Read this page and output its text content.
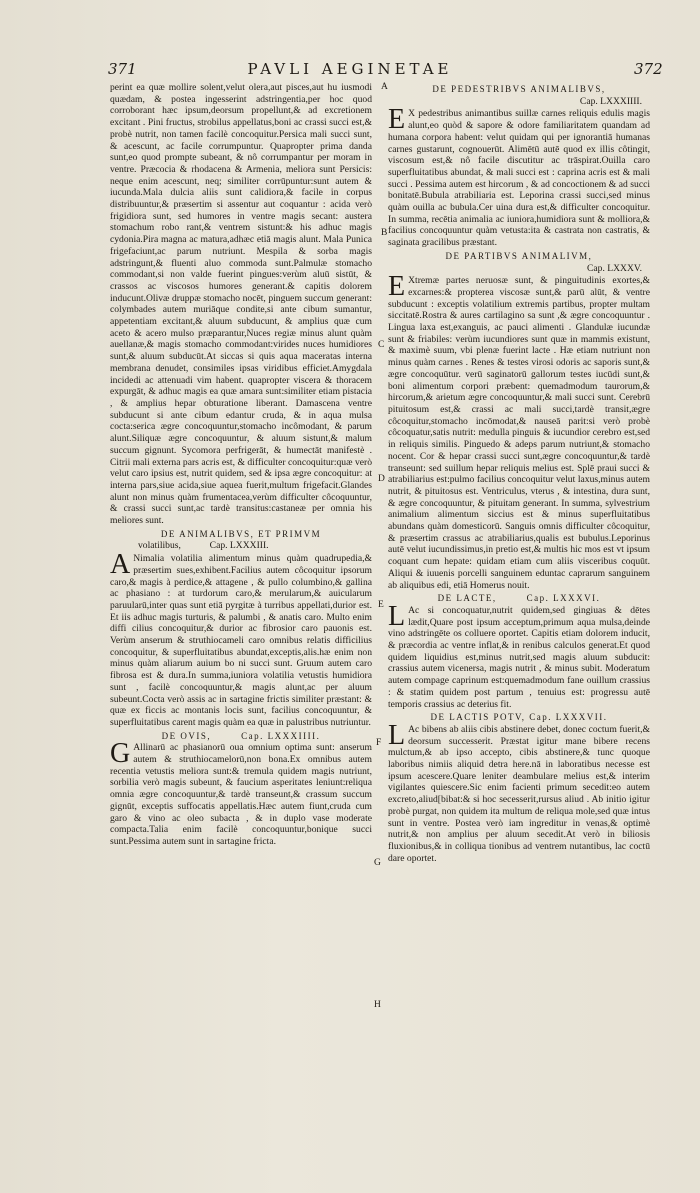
371	PAVLI AEGINETAE	372

perint ea quæ mollire solent,velut olera,aut pisces,aut hu iusmodi quædam, & postea ingesserint adstringentia,per hoc quod corroborant hæc ipsum,deorsum propellunt,& ad excretionem excitant . Pini fructus, strobilus appellatus,boni ac crassi succi est,& probè nutrit, non tamen facilè concoquitur.Persica mali succi sunt, & acescunt, ac facile corrumpuntur. Quapropter prima danda sunt,eo quod prompte subeant, & nô corrumpantur per moram in ventre. Præcocia & rhodacena & Armenia, meliora sunt Persicis: neque enim acescunt, neq; similiter corrūpuntur:sunt autem & iucunda.Mala dulcia aliis sunt calidiora,& facile in corpus distribuuntur,& præsertim si assentur aut coquantur : acida verò frigidiora sunt, sed humores in ventre magis secant: austera stomachum robo rant,& ventrem sistunt:& his adhuc magis cydonia.Pira magna ac matura,adhæc etiā magis alunt. Mala Punica frigefaciunt,ac parum nutriunt. Mespila & sorba magis adstringunt,& fluenti aluo commoda sunt.Palmulæ stomacho commodant,si non valde fuerint pingues:verùm aluū sistūt, & crassos ac viscosos humores generant.& capitis dolorem inducunt.Olivæ druppæ stomacho nocēt, pinguem succum generant: colymbades autem muriāque condite,si ante cibum sumantur, appetentiam excitant,& aluum subducunt, & amplius quæ cum aceto & acero mulso præparantur,Nuces regiæ minus alunt quàm auellanæ,& magis stomacho commodant:virides nuces humidiores sunt,& aluum subducūt.At siccas si quis aqua maceratas interna membrana denudet, consimiles ipsas viridibus efficiet.Amygdala incidedi ac attenuadi vim habent. quapropter viscera & thoracem expurgāt, & adhuc magis ea quæ amara sunt:similiter etiam pistacia , & amplius hepar obturatione liberant. Damascena ventre subducunt si ante cibum edantur cruda, & in aqua mulsa cocta:serica ægre concoquuntur,stomacho incômodant, & parum alunt.Siliquæ ægre concoquuntur, & aluum sistunt,& malum succum gignunt. Sycomora perfrigerāt, & humectāt manifestè . Citrii mali externa pars acris est, & difficulter concoquitur:quæ verò velut caro ipsius est, nutrit quidem, sed & ipsa ægre concoquitur: at interna pars,siue acida,siue aquea fuerit,multum frigefacit.Glandes alunt non minus quàm frumentacea,verùm difficulter côcoquuntur, & crassi succi sunt,ac tardè transitus:castaneæ per omnia his meliores sunt.

DE ANIMALIBVS, ET PRIMVM
volatilibus,            Cap. LXXXIII.

A Nimalia volatilia alimentum minus quàm quadrupedia,& præsertim sues,exhibent.Facilius autem côcoquitur ipsorum caro,& magis à perdice,& attagene , & pullo columbino,& gallina ac phasiano : at turdorum caro,& merularum,& auicularum paruularū,inter quas sunt etiā pyrgitæ à turribus appellati,durior est. Et iis adhuc magis turturis, & palumbi , & anatis caro. Multo enim diffi cilius concoquitur,& durior ac fibrosior caro pauonis est. Verùm anserum & struthiocameli caro omnibus relatis difficilius concoquitur, & superfluitatibus abundat,exceptis,alis.hæ enim non minus quàm aliarum auium bo ni succi sunt. Gruum autem caro fibrosa est & dura.In summa,iuniora volatilia vetustis humidiora sunt , facilè concoquuntur,& magis alunt,ac per aluum subeunt.Cocta verò assis ac in sartagine frictis similiter præstant: & quæ ex ficcis ac montanis locis sunt, facilius concoquuntur, & superfluitatibus carent magis quàm ea quæ in palustribus nutriuntur.

DE OVIS,	Cap. LXXXIIII.

G Allinarū ac phasianorū oua omnium optima sunt: anserum autem & struthiocamelorū,non bona.Ex omnibus autem recentia vetustis meliora sunt:& tremula quidem magis nutriunt, sorbilia verò magis subeunt, & faucium asperitates leniunt:reliqua omnia ægre concoquuntur,& tardè transeunt,& crassum succum gignūt, exceptis suffocatis appellatis.Hæc autem fiunt,cruda cum garo & vino ac oleo subacta , & in duplo vase moderate compacta.Talia enim facilè concoquuntur,bonique succi sunt.Pessima autem sunt in sartagine fricta.

DE PEDESTRIBVS ANIMALIBVS,
Cap. LXXXIIII.

E X pedestribus animantibus suillæ carnes reliquis edulis magis alunt,eo quòd & sapore & odore familiaritatem quandam ad humana corpora habent: velut quidam qui per ignorantiā humanas carnes gustarunt, cognouerūt. Alimētū autē quod ex illis côtingit, viscosum est,& nô facile discutitur ac trāspirat.Ouilla caro superfluitatibus abundat, & mali succi est : caprina acris est & mali succi . Pessima autem est hircorum , & ad concoctionem & ad succi bonitatē.Bubula atrabiliaria est. Leporina crassi succi,sed minus quàm ouilla ac bubula.Cer uina dura est,& difficulter concoquitur. In summa, recētia animalia ac iuniora,humidiora sunt & molliora,& facilius concoquuntur quàm vetusta:ita & castrata non castratis, & saginata gracilibus præstant.

DE PARTIBVS ANIMALIVM,
Cap. LXXXV.

E Xtremæ partes neruosæ sunt, & pinguitudinis exortes,& excarnes:& propterea viscosæ sunt,& parū alūt, & ventre subducunt : exceptis volatilium extremis partibus, propter multam siccitatē.Rostra & aures cartilagino sa sunt ,& ægre concoquuntur . Lingua laxa est,exanguis, ac pauci alimenti . Glandulæ iucundæ sunt & friabiles: verùm iucundiores sunt quæ in mammis existunt, & maximè suum, vbi plenæ fuerint lacte . Hæ etiam nutriunt non minus quàm carnes . Renes & testes virosi odoris ac saporis sunt,& ægre concoquūtur. verū saginatorū gallorum testes iucūdi sunt,& boni alimentum corpori præbent: quemadmodum taurorum,& hircorum,& arietum ægre concoquuntur,& mali succi sunt. Cerebrū pituitosum est,& crassi ac mali succi,tardè transit,ægre côcoquitur,stomacho incōmodat,& nauseā parit:si verò probè côcoquatur,satis nutrit: medulla pinguis & iucundior cerebro est,sed in reliquis similis. Pinguedo & adeps parum nutriunt,& stomacho nocent. Cor & hepar crassi succi sunt,ægre concoquuntur,& tardè transeunt: sed suillum hepar reliquis melius est. Splē praui succi & atrabiliarius est:pulmo facilius concoquitur velut laxus,minus autem nutrit, & pituitosus est. Ventriculus, vterus , & intestina, dura sunt, & ægre concoquuntur, & pituitam generant. In summa, sylvestrium animalium alimentum siccius est & minus superfluitatibus abundans quàm domesticorū. Sanguis omnis difficulter côcoquitur, & præsertim crassus ac atrabiliarius,qualis est bubulus.Leporinus autē velut iucundissimus,in pretio est,& multis hic mos est vt ipsum coquant cum hepate: quidam etiam cum aliis visceribus coquūt. Aliqui & iuuenis porcelli sanguinem eduntac caprarum sanguinem ab aliquibus edi, etiā Homerus nouit.

DE LACTE,	Cap. LXXXVI.

L Ac si concoquatur,nutrit quidem,sed gingiuas & dētes lædit,Quare post ipsum acceptum,primum aqua mulsa,deinde vino adstringēte os colluere oportet. Capitis etiam dolorem inducit, & præcordia ac ventre inflat,& in renibus calculos generat.Et quod quidem liquidius est,minus nutrit,sed magis aluum subducit: crassius autem vicenersa, magis nutrit , & minus subit. Moderatum autem compage caprinum est:quemadmodum fane ouillum crassius : & statim quidem post partum , tenuius est: progressu autē temporis crassius ac deterius fit.

DE LACTIS POTV, Cap. LXXXVII.

L Ac bibens ab aliis cibis abstinere debet, donec coctum fuerit,& deorsum successerit. Præstat igitur mane bibere recens mulctum,& ab ipso accepto, cibis abstinere,& tunc quoque laboribus nimiis aliquid detra here.nā in laboratibus necesse est ipsum acescere.Quare leniter deambulare melius est,& interim vigilantes quiescere.Sic enim facienti primum secedit:eo autem excreto,aliud[bibat:& si hoc secesserit,rursus aliud . Ab initio igitur probè purgat, non quidem ita multum de reliqua mole,sed quæ intus sunt in ventre. Postea verò iam ingreditur in venas,& optimè nutrit,& non amplius per aluum secedit.At verò in biliosis fluxionibus,& in colliqua tionibus ad ventrem nutantibus, lac coctū dare oportet.

A
B
C
D
E
F
G
H
